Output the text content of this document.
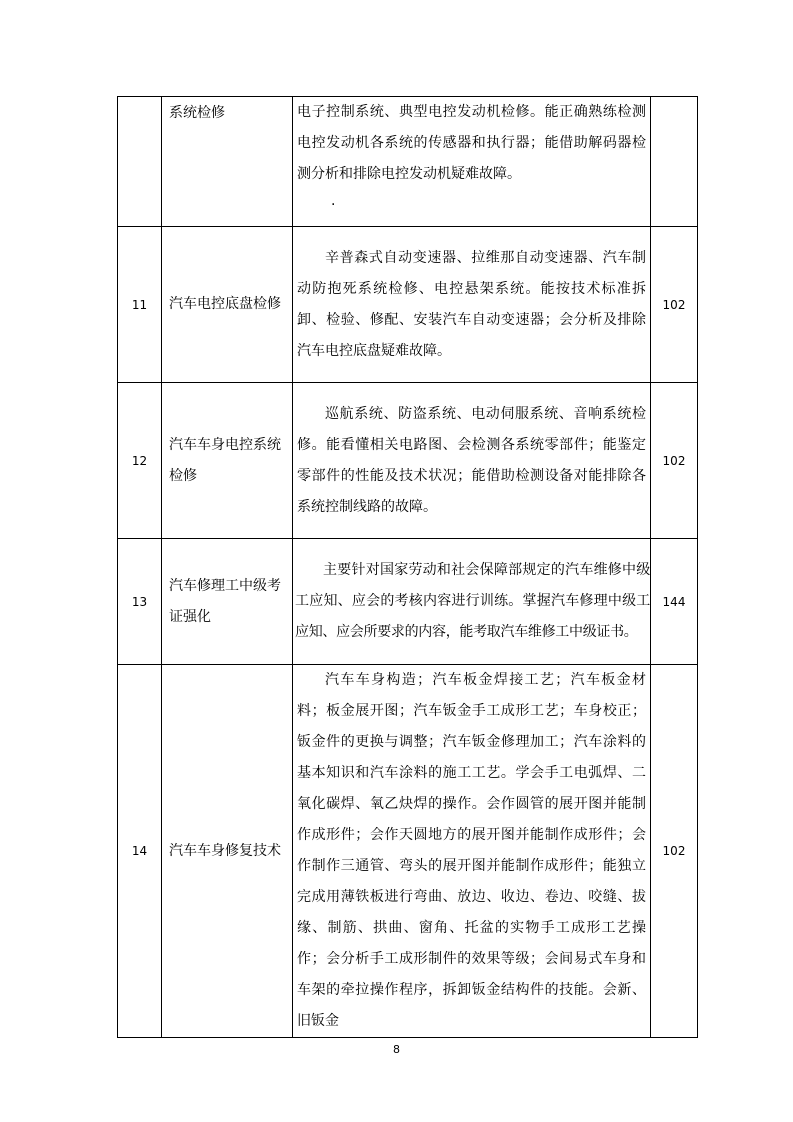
	系统检修	电子控制系统、典型电控发动机检修。能正确熟练检测电控发动机各系统的传感器和执行器；能借助解码器检测分析和排除电控发动机疑难故障。
.	

11	汽车电控底盘检修	辛普森式自动变速器、拉维那自动变速器、汽车制动防抱死系统检修、电控悬架系统。能按技术标准拆卸、检验、修配、安装汽车自动变速器；会分析及排除汽车电控底盘疑难故障。	102
12	汽车车身电控系统检修	巡航系统、防盗系统、电动伺服系统、音响系统检修。能看懂相关电路图、会检测各系统零部件；能鉴定零部件的性能及技术状况；能借助检测设备对能排除各系统控制线路的故障。	102
13	汽车修理工中级考证强化	主要针对国家劳动和社会保障部规定的汽车维修中级工应知、应会的考核内容进行训练。掌握汽车修理中级工应知、应会所要求的内容，能考取汽车维修工中级证书。	144
14	汽车车身修复技术	汽车车身构造；汽车板金焊接工艺；汽车板金材料；板金展开图；汽车钣金手工成形工艺；车身校正；钣金件的更换与调整；汽车钣金修理加工；汽车涂料的基本知识和汽车涂料的施工工艺。学会手工电弧焊、二氧化碳焊、氧乙炔焊的操作。会作圆管的展开图并能制作成形件；会作天圆地方的展开图并能制作成形件；会作制作三通管、弯头的展开图并能制作成形件；能独立完成用薄铁板进行弯曲、放边、收边、卷边、咬缝、拔缘、制筋、拱曲、窗角、托盆的实物手工成形工艺操作；会分析手工成形制件的效果等级；会间易式车身和车架的牵拉操作程序，拆卸钣金结构件的技能。会新、旧钣金	102
8
